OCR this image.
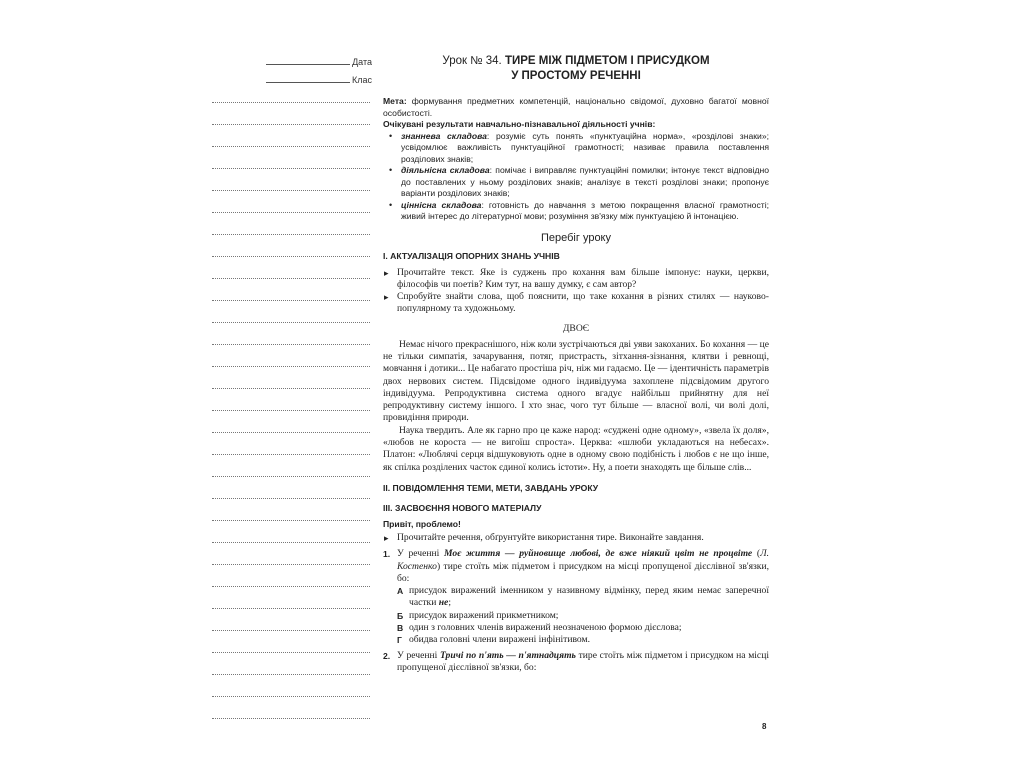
Дата
Клас
Урок № 34. ТИРЕ МІЖ ПІДМЕТОМ І ПРИСУДКОМ
У ПРОСТОМУ РЕЧЕННІ
Мета: формування предметних компетенцій, національно свідомої, духовно багатої мовної особистості.
Очікувані результати навчально-пізнавальної діяльності учнів:
• знаннева складова: розуміє суть понять «пунктуаційна норма», «розділові знаки»; усвідомлює важливість пунктуаційної грамотності; називає правила поставлення розділових знаків;
• діяльнісна складова: помічає і виправляє пунктуаційні помилки; інтонує текст відповідно до поставлених у ньому розділових знаків; аналізує в тексті розділові знаки; пропонує варіанти розділових знаків;
• ціннісна складова: готовність до навчання з метою покращення власної грамотності; живий інтерес до літературної мови; розуміння зв'язку між пунктуацією й інтонацією.
Перебіг уроку
І. АКТУАЛІЗАЦІЯ ОПОРНИХ ЗНАНЬ УЧНІВ
▸ Прочитайте текст. Яке із суджень про кохання вам більше імпонує: науки, церкви, філософів чи поетів? Ким тут, на вашу думку, є сам автор?
▸ Спробуйте знайти слова, щоб пояснити, що таке кохання в різних стилях — науково-популярному та художньому.
ДВОЄ
Немає нічого прекраснішого, ніж коли зустрічаються дві уяви закоханих. Бо кохання — це не тільки симпатія, зачарування, потяг, пристрасть, зітхання-зізнання, клятви і ревнощі, мовчання і дотики... Це набагато простіша річ, ніж ми гадаємо. Це — ідентичність параметрів двох нервових систем. Підсвідоме одного індивідуума захоплене підсвідомим другого індивідуума. Репродуктивна система одного вгадує найбільш прийнятну для неї репродуктивну систему іншого. І хто знає, чого тут більше — власної волі, чи волі долі, провидіння природи.
Наука твердить. Але як гарно про це каже народ: «суджені одне одному», «звела їх доля», «любов не короста — не вигоїш спроста». Церква: «шлюби укладаються на небесах». Платон: «Люблячі серця відшуковують одне в одному свою подібність і любов є не що інше, як спілка розділених часток єдиної колись істоти». Ну, а поети знаходять ще більше слів...
ІІ. ПОВІДОМЛЕННЯ ТЕМИ, МЕТИ, ЗАВДАНЬ УРОКУ
ІІІ. ЗАСВОЄННЯ НОВОГО МАТЕРІАЛУ
Привіт, проблемо!
▸ Прочитайте речення, обґрунтуйте використання тире. Виконайте завдання.
1. У реченні Моє життя — руйновище любові, де вже ніякий цвіт не процвіте (Л. Костенко) тире стоїть між підметом і присудком на місці пропущеної дієслівної зв'язки, бо:
А присудок виражений іменником у називному відмінку, перед яким немає заперечної частки не;
Б присудок виражений прикметником;
В один з головних членів виражений неозначеною формою дієслова;
Г обидва головні члени виражені інфінітивом.
2. У реченні Тричі по п'ять — п'ятнадцять тире стоїть між підметом і присудком на місці пропущеної дієслівної зв'язки, бо:
8
